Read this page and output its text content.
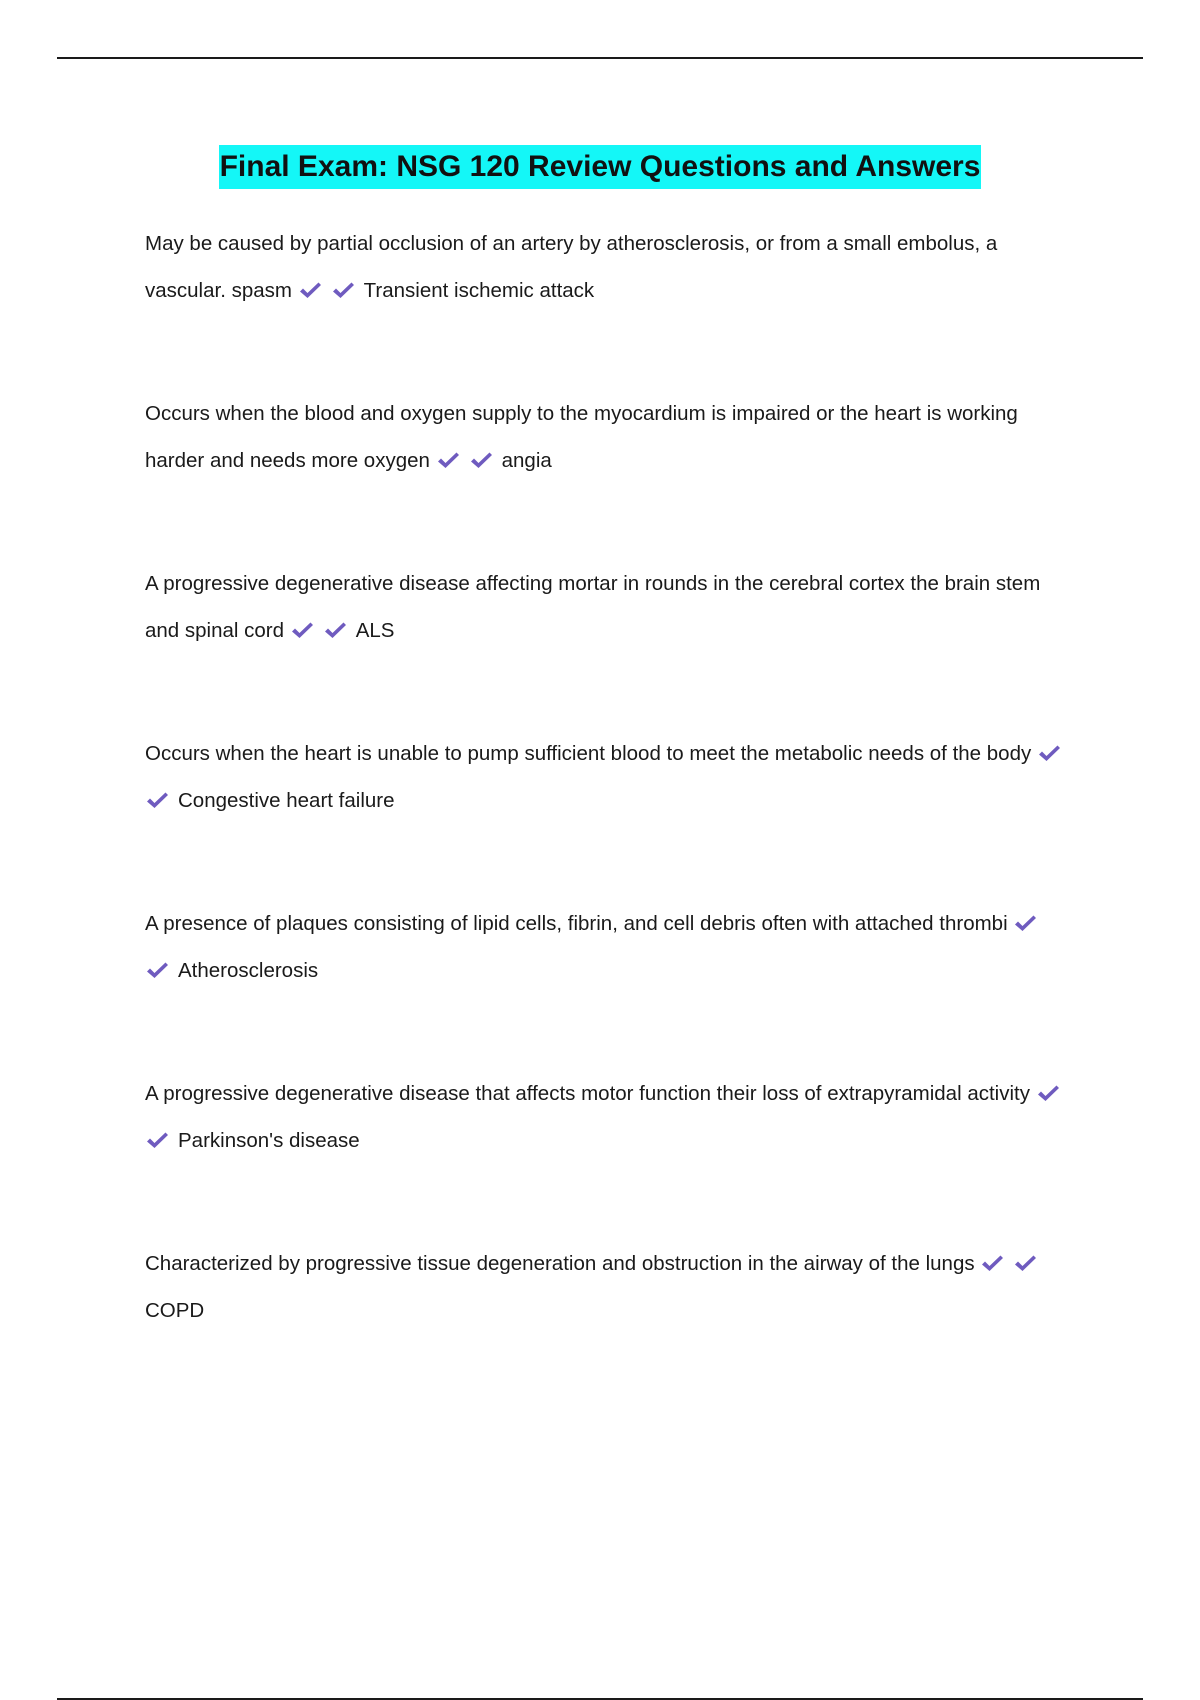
Final Exam: NSG 120 Review Questions and Answers

May be caused by partial occlusion of an artery by atherosclerosis, or from a small embolus, a vascular. spasm	Transient ischemic attack

Occurs when the blood and oxygen supply to the myocardium is impaired or the heart is working harder and needs more oxygen	angia

A progressive degenerative disease affecting mortar in rounds in the cerebral cortex the brain stem and spinal cord	ALS

Occurs when the heart is unable to pump sufficient blood to meet the metabolic needs of the body
Congestive heart failure

A presence of plaques consisting of lipid cells, fibrin, and cell debris often with attached thrombi
Atherosclerosis

A progressive degenerative disease that affects motor function their loss of extrapyramidal activity
Parkinson's disease

Characterized by progressive tissue degeneration and obstruction in the airway of the lungs
COPD
